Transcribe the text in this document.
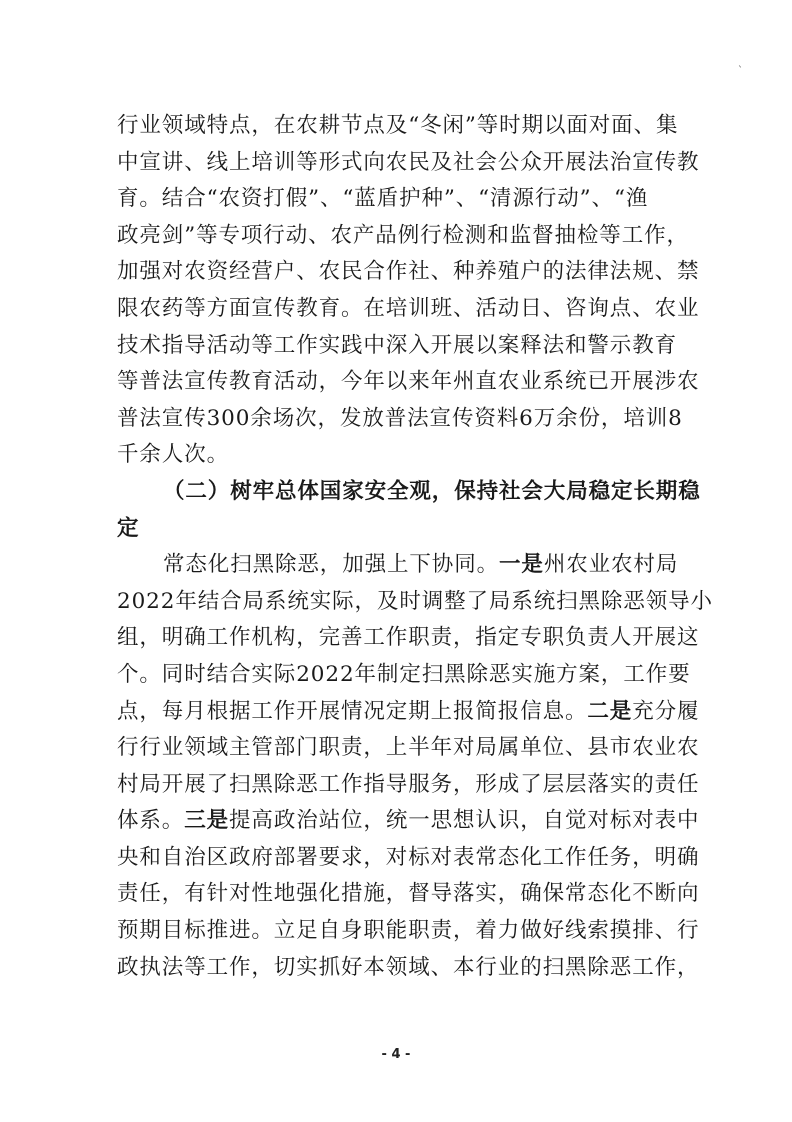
`
行业领域特点，在农耕节点及“冬闲”等时期以面对面、集
中宣讲、线上培训等形式向农民及社会公众开展法治宣传教
育。结合“农资打假”、“蓝盾护种”、“清源行动”、“渔
政亮剑”等专项行动、农产品例行检测和监督抽检等工作，
加强对农资经营户、农民合作社、种养殖户的法律法规、禁
限农药等方面宣传教育。在培训班、活动日、咨询点、农业
技术指导活动等工作实践中深入开展以案释法和警示教育
等普法宣传教育活动，今年以来年州直农业系统已开展涉农
普法宣传300余场次，发放普法宣传资料6万余份，培训8
千余人次。
（二）树牢总体国家安全观，保持社会大局稳定长期稳
定
常态化扫黑除恶，加强上下协同。一是州农业农村局
2022年结合局系统实际，及时调整了局系统扫黑除恶领导小
组，明确工作机构，完善工作职责，指定专职负责人开展这
个。同时结合实际2022年制定扫黑除恶实施方案，工作要
点，每月根据工作开展情况定期上报简报信息。二是充分履
行行业领域主管部门职责，上半年对局属单位、县市农业农
村局开展了扫黑除恶工作指导服务，形成了层层落实的责任
体系。三是提高政治站位，统一思想认识，自觉对标对表中
央和自治区政府部署要求，对标对表常态化工作任务，明确
责任，有针对性地强化措施，督导落实，确保常态化不断向
预期目标推进。立足自身职能职责，着力做好线索摸排、行
政执法等工作，切实抓好本领域、本行业的扫黑除恶工作，
- 4 -
